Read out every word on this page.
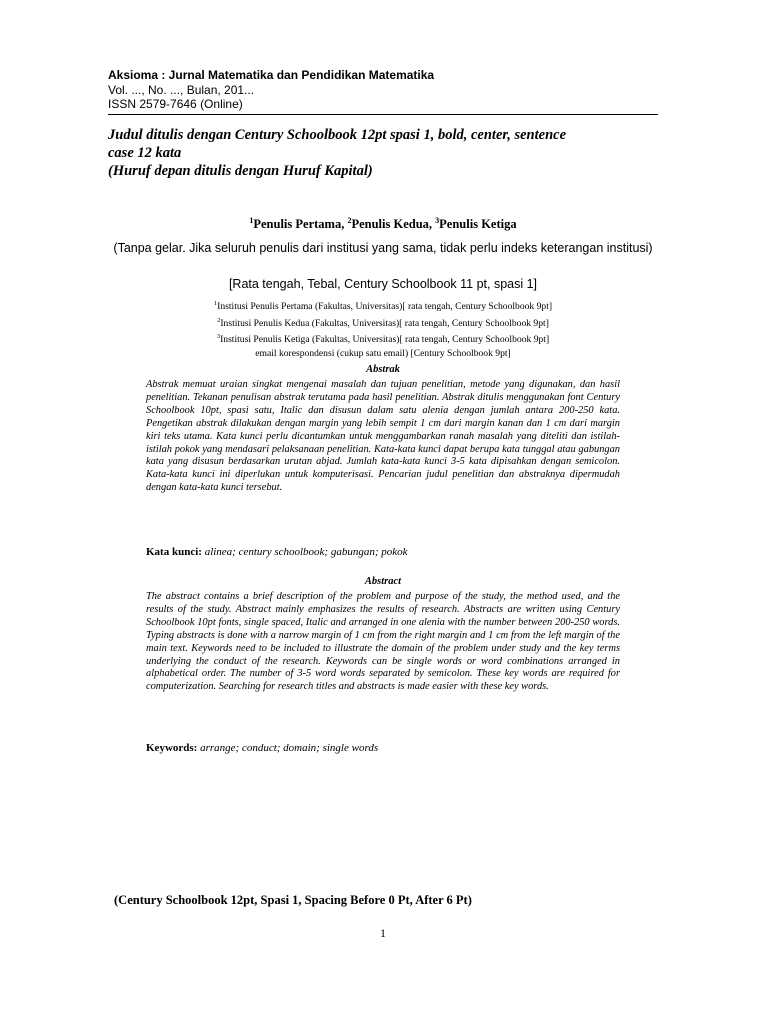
Aksioma : Jurnal Matematika dan Pendidikan Matematika

Vol. ..., No. ..., Bulan, 201...

ISSN 2579-7646 (Online)

Judul ditulis dengan Century Schoolbook 12pt spasi 1, bold, center, sentence
case 12 kata
(Huruf depan ditulis dengan Huruf Kapital)

$^1$Penulis Pertama, $^2$Penulis Kedua, $^3$Penulis Ketiga

(Tanpa gelar. Jika seluruh penulis dari institusi yang sama, tidak perlu indeks keterangan institusi)

[Rata tengah, Tebal, Century Schoolbook 11 pt, spasi 1]

$^1$Institusi Penulis Pertama (Fakultas, Universitas)[ rata tengah, Century Schoolbook 9pt]
$^2$Institusi Penulis Kedua (Fakultas, Universitas)[ rata tengah, Century Schoolbook 9pt]
$^3$Institusi Penulis Ketiga (Fakultas, Universitas)[ rata tengah, Century Schoolbook 9pt]
email korespondensi (cukup satu email) [Century Schoolbook 9pt]

Abstrak

Abstrak memuat uraian singkat mengenai masalah dan tujuan penelitian, metode yang digunakan, dan hasil penelitian. Tekanan penulisan abstrak terutama pada hasil penelitian. Abstrak ditulis menggunakan font Century Schoolbook 10pt, spasi satu, Italic dan disusun dalam satu alenia dengan jumlah antara 200-250 kata. Pengetikan abstrak dilakukan dengan margin yang lebih sempit 1 cm dari margin kanan dan 1 cm dari margin kiri teks utama. Kata kunci perlu dicantumkan untuk menggambarkan ranah masalah yang diteliti dan istilah-istilah pokok yang mendasari pelaksanaan penelitian. Kata-kata kunci dapat berupa kata tunggal atau gabungan kata yang disusun berdasarkan urutan abjad. Jumlah kata-kata kunci 3-5 kata dipisahkan dengan semicolon. Kata-kata kunci ini diperlukan untuk komputerisasi. Pencarian judul penelitian dan abstraknya dipermudah dengan kata-kata kunci tersebut.

Kata kunci: alinea; century schoolbook; gabungan; pokok

Abstract

The abstract contains a brief description of the problem and purpose of the study, the method used, and the results of the study. Abstract mainly emphasizes the results of research. Abstracts are written using Century Schoolbook 10pt fonts, single spaced, Italic and arranged in one alenia with the number between 200-250 words. Typing abstracts is done with a narrow margin of 1 cm from the right margin and 1 cm from the left margin of the main text. Keywords need to be included to illustrate the domain of the problem under study and the key terms underlying the conduct of the research. Keywords can be single words or word combinations arranged in alphabetical order. The number of 3-5 word words separated by semicolon. These key words are required for computerization. Searching for research titles and abstracts is made easier with these key words.

Keywords: arrange; conduct; domain; single words

(Century Schoolbook 12pt, Spasi 1, Spacing Before 0 Pt, After 6 Pt)

1
